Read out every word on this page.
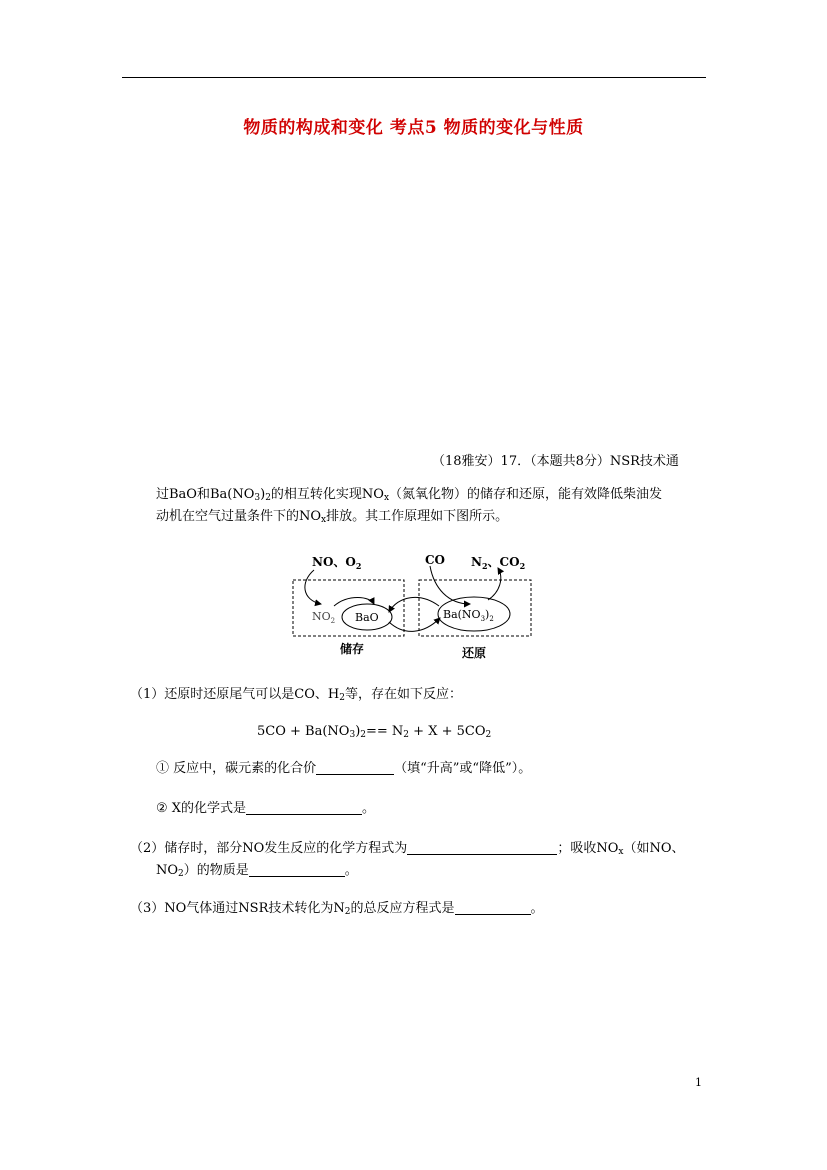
物质的构成和变化 考点5 物质的变化与性质
（18雅安）17．（本题共8分）NSR技术通
过BaO和$Ba(NO_3)_2$的相互转化实现$NO_x$（氮氧化物）的储存和还原，能有效降低柴油发
动机在空气过量条件下的$NO_x$排放。其工作原理如下图所示。
NO、$O_2$	CO $N_2$、$CO_2$
$NO_2$ BaO	$Ba(NO_3)_2$
储存	还原
（1）还原时还原尾气可以是CO、$H_2$等，存在如下反应：
$5CO + Ba(NO_3)_2== N_2 + X + 5CO_2$
① 反应中，碳元素的化合价	（填“升高”或“降低”）。
② X的化学式是	。
（2）储存时，部分NO发生反应的化学方程式为	；吸收$NO_x$（如NO、
$NO_2$）的物质是	。
（3）NO气体通过NSR技术转化为$N_2$的总反应方程式是	。
1
